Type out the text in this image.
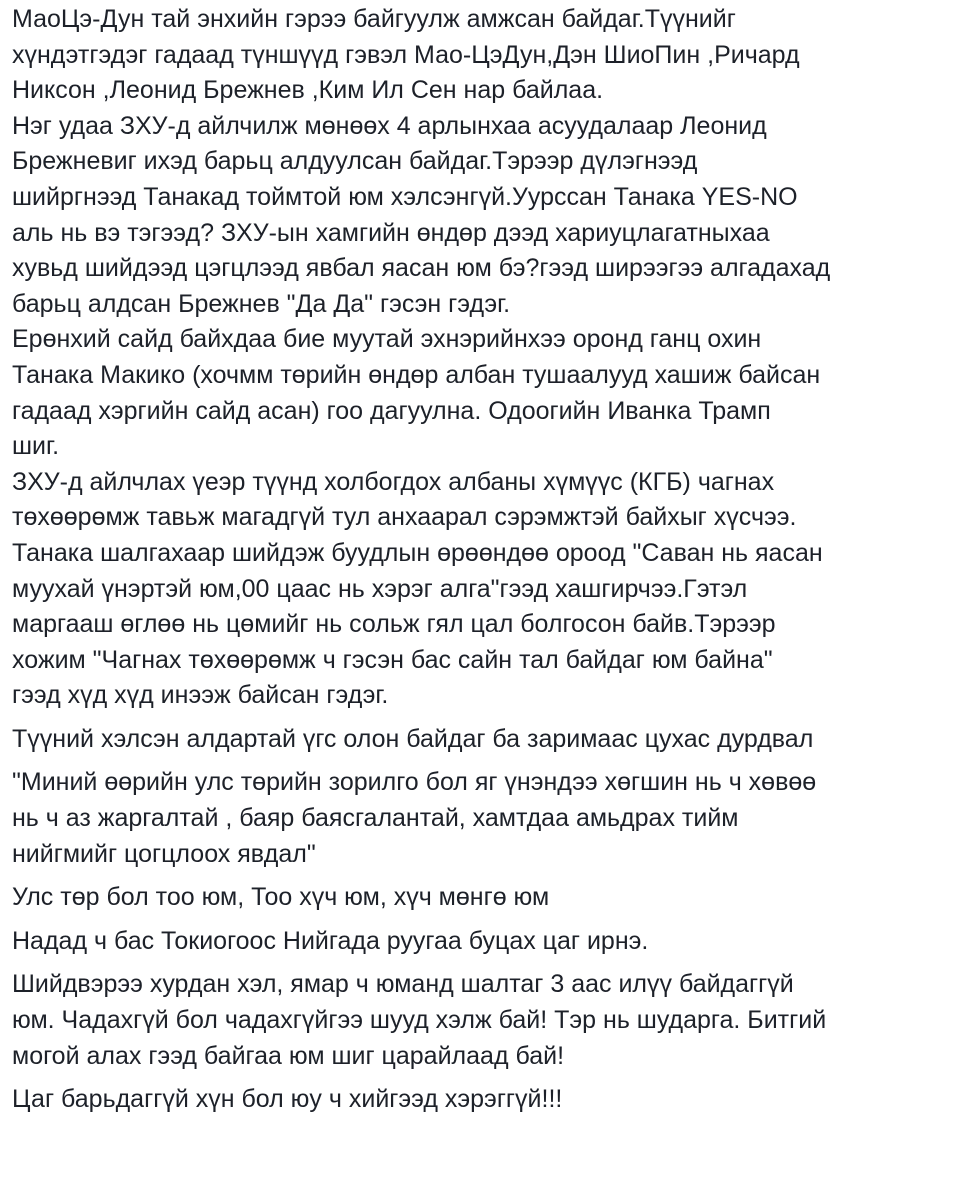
МаоЦэ-Дун тай энхийн гэрээ байгуулж амжсан байдаг.Түүнийг
хүндэтгэдэг гадаад түншүүд гэвэл Мао-ЦэДун,Дэн ШиоПин ,Ричард
Никсон ,Леонид Брежнев ,Ким Ил Сен нар байлаа.
Нэг удаа ЗХУ-д айлчилж мөнөөх 4 арлынхаа асуудалаар Леонид
Брежневиг ихэд барьц алдуулсан байдаг.Тэрээр дүлэгнээд
шийргнээд Танакад тоймтой юм хэлсэнгүй.Уурссан Танака YES-NO
аль нь вэ тэгээд? ЗХУ-ын хамгийн өндөр дээд хариуцлагатныхаа
хувьд шийдээд цэгцлээд явбал яасан юм бэ?гээд ширээгээ алгадахад
барьц алдсан Брежнев "Да Да" гэсэн гэдэг.
Ерөнхий сайд байхдаа бие муутай эхнэрийнхээ оронд ганц охин
Танака Макико (хочмм төрийн өндөр албан тушаалууд хашиж байсан
гадаад хэргийн сайд асан) гоо дагуулна. Одоогийн Иванка Трамп
шиг.
ЗХУ-д айлчлах үеэр түүнд холбогдох албаны хүмүүс (КГБ) чагнах
төхөөрөмж тавьж магадгүй тул анхаарал сэрэмжтэй байхыг хүсчээ.
Танака шалгахаар шийдэж буудлын өрөөндөө ороод "Саван нь яасан
муухай үнэртэй юм,00 цаас нь хэрэг алга"гээд хашгирчээ.Гэтэл
маргааш өглөө нь цөмийг нь сольж гял цал болгосон байв.Тэрээр
хожим "Чагнах төхөөрөмж ч гэсэн бас сайн тал байдаг юм байна"
гээд хүд хүд инээж байсан гэдэг.
Түүний хэлсэн алдартай үгс олон байдаг ба заримаас цухас дурдвал
"Миний өөрийн улс төрийн зорилго бол яг үнэндээ хөгшин нь ч хөвөө
нь ч аз жаргалтай , баяр баясгалантай, хамтдаа амьдрах тийм
нийгмийг цогцлоох явдал"
Улс төр бол тоо юм, Тоо хүч юм, хүч мөнгө юм
Надад ч бас Токиогоос Нийгада руугаа буцах цаг ирнэ.
Шийдвэрээ хурдан хэл, ямар ч юманд шалтаг 3 аас илүү байдаггүй
юм. Чадахгүй бол чадахгүйгээ шууд хэлж бай! Тэр нь шударга. Битгий
могой алах гээд байгаа юм шиг царайлаад бай!
Цаг барьдаггүй хүн бол юу ч хийгээд хэрэггүй!!!
